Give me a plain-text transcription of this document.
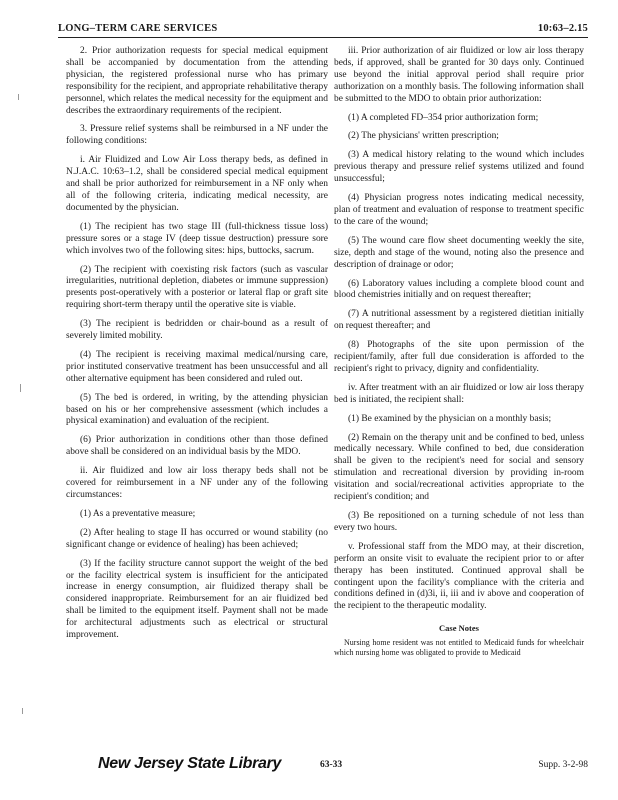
LONG–TERM CARE SERVICES	10:63–2.15

2. Prior authorization requests for special medical equipment shall be accompanied by documentation from the attending physician, the registered professional nurse who has primary responsibility for the recipient, and appropriate rehabilitative therapy personnel, which relates the medical necessity for the equipment and describes the extraordinary requirements of the recipient.

3. Pressure relief systems shall be reimbursed in a NF under the following conditions:

i. Air Fluidized and Low Air Loss therapy beds, as defined in N.J.A.C. 10:63–1.2, shall be considered special medical equipment and shall be prior authorized for reimbursement in a NF only when all of the following criteria, indicating medical necessity, are documented by the physician.

(1) The recipient has two stage III (full-thickness tissue loss) pressure sores or a stage IV (deep tissue destruction) pressure sore which involves two of the following sites: hips, buttocks, sacrum.

(2) The recipient with coexisting risk factors (such as vascular irregularities, nutritional depletion, diabetes or immune suppression) presents post-operatively with a posterior or lateral flap or graft site requiring short-term therapy until the operative site is viable.

(3) The recipient is bedridden or chair-bound as a result of severely limited mobility.

(4) The recipient is receiving maximal medical/nursing care, prior instituted conservative treatment has been unsuccessful and all other alternative equipment has been considered and ruled out.

(5) The bed is ordered, in writing, by the attending physician based on his or her comprehensive assessment (which includes a physical examination) and evaluation of the recipient.

(6) Prior authorization in conditions other than those defined above shall be considered on an individual basis by the MDO.

ii. Air fluidized and low air loss therapy beds shall not be covered for reimbursement in a NF under any of the following circumstances:

(1) As a preventative measure;

(2) After healing to stage II has occurred or wound stability (no significant change or evidence of healing) has been achieved;

(3) If the facility structure cannot support the weight of the bed or the facility electrical system is insufficient for the anticipated increase in energy consumption, air fluidized therapy shall be considered inappropriate. Reimbursement for an air fluidized bed shall be limited to the equipment itself. Payment shall not be made for architectural adjustments such as electrical or structural improvement.

iii. Prior authorization of air fluidized or low air loss therapy beds, if approved, shall be granted for 30 days only. Continued use beyond the initial approval period shall require prior authorization on a monthly basis. The following information shall be submitted to the MDO to obtain prior authorization:

(1) A completed FD–354 prior authorization form;

(2) The physicians' written prescription;

(3) A medical history relating to the wound which includes previous therapy and pressure relief systems utilized and found unsuccessful;

(4) Physician progress notes indicating medical necessity, plan of treatment and evaluation of response to treatment specific to the care of the wound;

(5) The wound care flow sheet documenting weekly the site, size, depth and stage of the wound, noting also the presence and description of drainage or odor;

(6) Laboratory values including a complete blood count and blood chemistries initially and on request thereafter;

(7) A nutritional assessment by a registered dietitian initially on request thereafter; and

(8) Photographs of the site upon permission of the recipient/family, after full due consideration is afforded to the recipient's right to privacy, dignity and confidentiality.

iv. After treatment with an air fluidized or low air loss therapy bed is initiated, the recipient shall:

(1) Be examined by the physician on a monthly basis;

(2) Remain on the therapy unit and be confined to bed, unless medically necessary. While confined to bed, due consideration shall be given to the recipient's need for social and sensory stimulation and recreational diversion by providing in-room visitation and social/recreational activities appropriate to the recipient's condition; and

(3) Be repositioned on a turning schedule of not less than every two hours.

v. Professional staff from the MDO may, at their discretion, perform an onsite visit to evaluate the recipient prior to or after therapy has been instituted. Continued approval shall be contingent upon the facility's compliance with the criteria and conditions defined in (d)3i, ii, iii and iv above and cooperation of the recipient to the therapeutic modality.

Case Notes

Nursing home resident was not entitled to Medicaid funds for wheelchair which nursing home was obligated to provide to Medicaid

New Jersey State Library	63-33	Supp. 3-2-98
